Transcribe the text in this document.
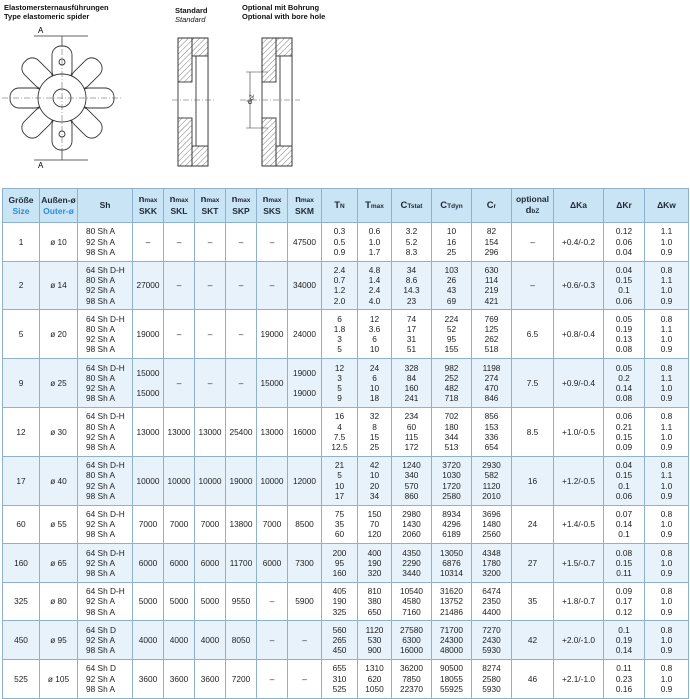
Elastomersternausführungen
Type elastomeric spider
Standard
Standard
Optional mit Bohrung
Optional with bore hole
A
A
$d_{bZ}$
Größe
Size	Außen-ø
Outer-ø	Sh	nmax
SKK	nmax
SKL	nmax
SKT	nmax
SKP	nmax
SKS	nmax
SKM	TN	Tmax	CTstat	CTdyn	Cr	optional
dbZ	ΔKa	ΔKr	ΔKw
1	ø 10	80 Sh A
92 Sh A
98 Sh A	–	–	–	–	–	47500	0.3
0.5
0.9	0.6
1.0
1.7	3.2
5.2
8.3	10
16
25	82
154
296	–	+0.4/-0.2	0.12
0.06
0.04	1.1
1.0
0.9
2	ø 14	64 Sh D-H
80 Sh A
92 Sh A
98 Sh A	27000	–	–	–	–	34000	2.4
0.7
1.2
2.0	4.8
1.4
2.4
4.0	34
8.6
14.3
23	103
26
43
69	630
114
219
421	–	+0.6/-0.3	0.04
0.15
0.1
0.06	0.8
1.1
1.0
0.9
5	ø 20	64 Sh D-H
80 Sh A
92 Sh A
98 Sh A	19000	–	–	–	19000	24000	6
1.8
3
5	12
3.6
6
10	74
17
31
51	224
52
95
155	769
125
262
518	6.5	+0.8/-0.4	0.05
0.19
0.13
0.08	0.8
1.1
1.0
0.9
9	ø 25	64 Sh D-H
80 Sh A
92 Sh A
98 Sh A	15000

15000	–	–	–	15000	19000

19000	12
3
5
9	24
6
10
18	328
84
160
241	982
252
482
718	1198
274
470
846	7.5	+0.9/-0.4	0.05
0.2
0.14
0.08	0.8
1.1
1.0
0.9
12	ø 30	64 Sh D-H
80 Sh A
92 Sh A
98 Sh A	13000	13000	13000	25400	13000	16000	16
4
7.5
12.5	32
8
15
25	234
60
115
172	702
180
344
513	856
153
336
654	8.5	+1.0/-0.5	0.06
0.21
0.15
0.09	0.8
1.1
1.0
0.9
17	ø 40	64 Sh D-H
80 Sh A
92 Sh A
98 Sh A	10000	10000	10000	19000	10000	12000	21
5
10
17	42
10
20
34	1240
340
570
860	3720
1030
1720
2580	2930
582
1120
2010	16	+1.2/-0.5	0.04
0.15
0.1
0.06	0.8
1.1
1.0
0.9
60	ø 55	64 Sh D-H
92 Sh A
98 Sh A	7000	7000	7000	13800	7000	8500	75
35
60	150
70
120	2980
1430
2060	8934
4296
6189	3696
1480
2560	24	+1.4/-0.5	0.07
0.14
0.1	0.8
1.0
0.9
160	ø 65	64 Sh D-H
92 Sh A
98 Sh A	6000	6000	6000	11700	6000	7300	200
95
160	400
190
320	4350
2290
3440	13050
6876
10314	4348
1780
3200	27	+1.5/-0.7	0.08
0.15
0.11	0.8
1.0
0.9
325	ø 80	64 Sh D-H
92 Sh A
98 Sh A	5000	5000	5000	9550	–	5900	405
190
325	810
380
650	10540
4580
7160	31620
13752
21486	6474
2350
4400	35	+1.8/-0.7	0.09
0.17
0.12	0.8
1.0
0.9
450	ø 95	64 Sh D
92 Sh A
98 Sh A	4000	4000	4000	8050	–	–	560
265
450	1120
530
900	27580
6300
16000	71700
24300
48000	7270
2430
5930	42	+2.0/-1.0	0.1
0.19
0.14	0.8
1.0
0.9
525	ø 105	64 Sh D
92 Sh A
98 Sh A	3600	3600	3600	7200	–	–	655
310
525	1310
620
1050	36200
7850
22370	90500
18055
55925	8274
2580
5930	46	+2.1/-1.0	0.11
0.23
0.16	0.8
1.0
0.9
